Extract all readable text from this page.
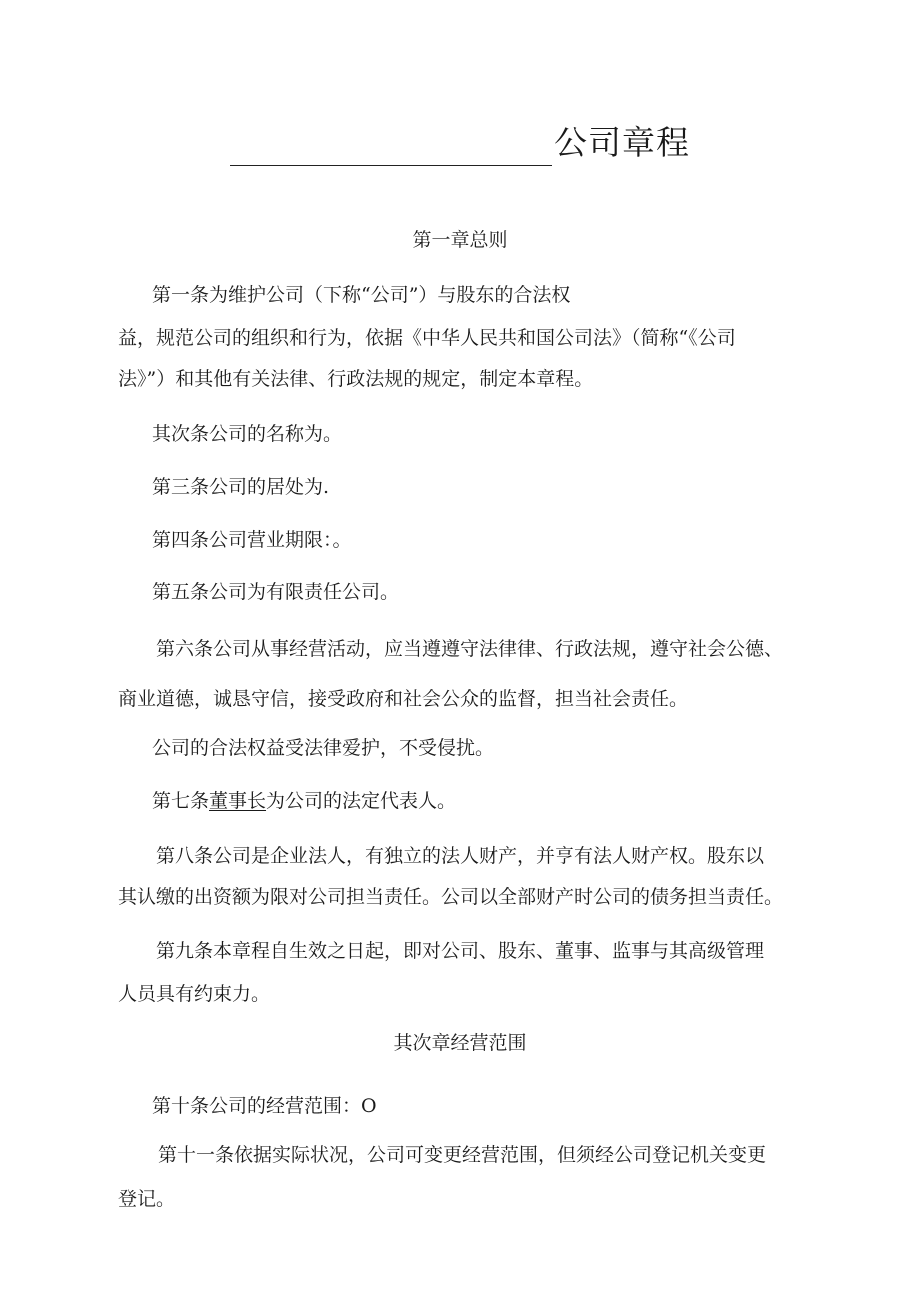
公司章程
第一章总则
第一条为维护公司（下称“公司”）与股东的合法权
益，规范公司的组织和行为，依据《中华人民共和国公司法》（简称“《公司
法》”）和其他有关法律、行政法规的规定，制定本章程。
其次条公司的名称为。
第三条公司的居处为.
第四条公司营业期限：。
第五条公司为有限责任公司。
第六条公司从事经营活动，应当遵遵守法律律、行政法规，遵守社会公德、
商业道德，诚恳守信，接受政府和社会公众的监督，担当社会责任。
公司的合法权益受法律爱护，不受侵扰。
第七条董事长为公司的法定代表人。
第八条公司是企业法人，有独立的法人财产，并亨有法人财产权。股东以
其认缴的出资额为限对公司担当责任。公司以全部财产时公司的债务担当责任。
第九条本章程自生效之日起，即对公司、股东、董事、监事与其高级管理
人员具有约束力。
其次章经营范围
第十条公司的经营范围：O
第十一条依据实际状况，公司可变更经营范围，但须经公司登记机关变更
登记。
